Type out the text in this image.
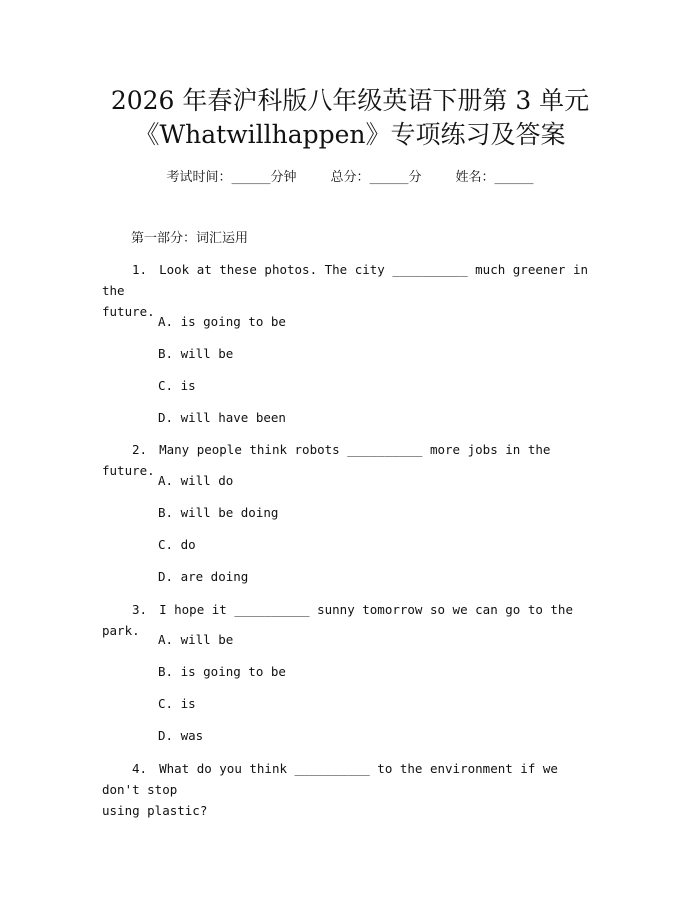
2026 年春沪科版八年级英语下册第 3 单元
《Whatwillhappen》专项练习及答案
考试时间：______分钟	总分：______分	姓名：______
第一部分：词汇运用
1. Look at these photos. The city __________ much greener in the
future.
A. is going to be
B. will be
C. is
D. will have been
2. Many people think robots __________ more jobs in the future.
A. will do
B. will be doing
C. do
D. are doing
3. I hope it __________ sunny tomorrow so we can go to the park.
A. will be
B. is going to be
C. is
D. was
4. What do you think __________ to the environment if we don't stop
using plastic?
